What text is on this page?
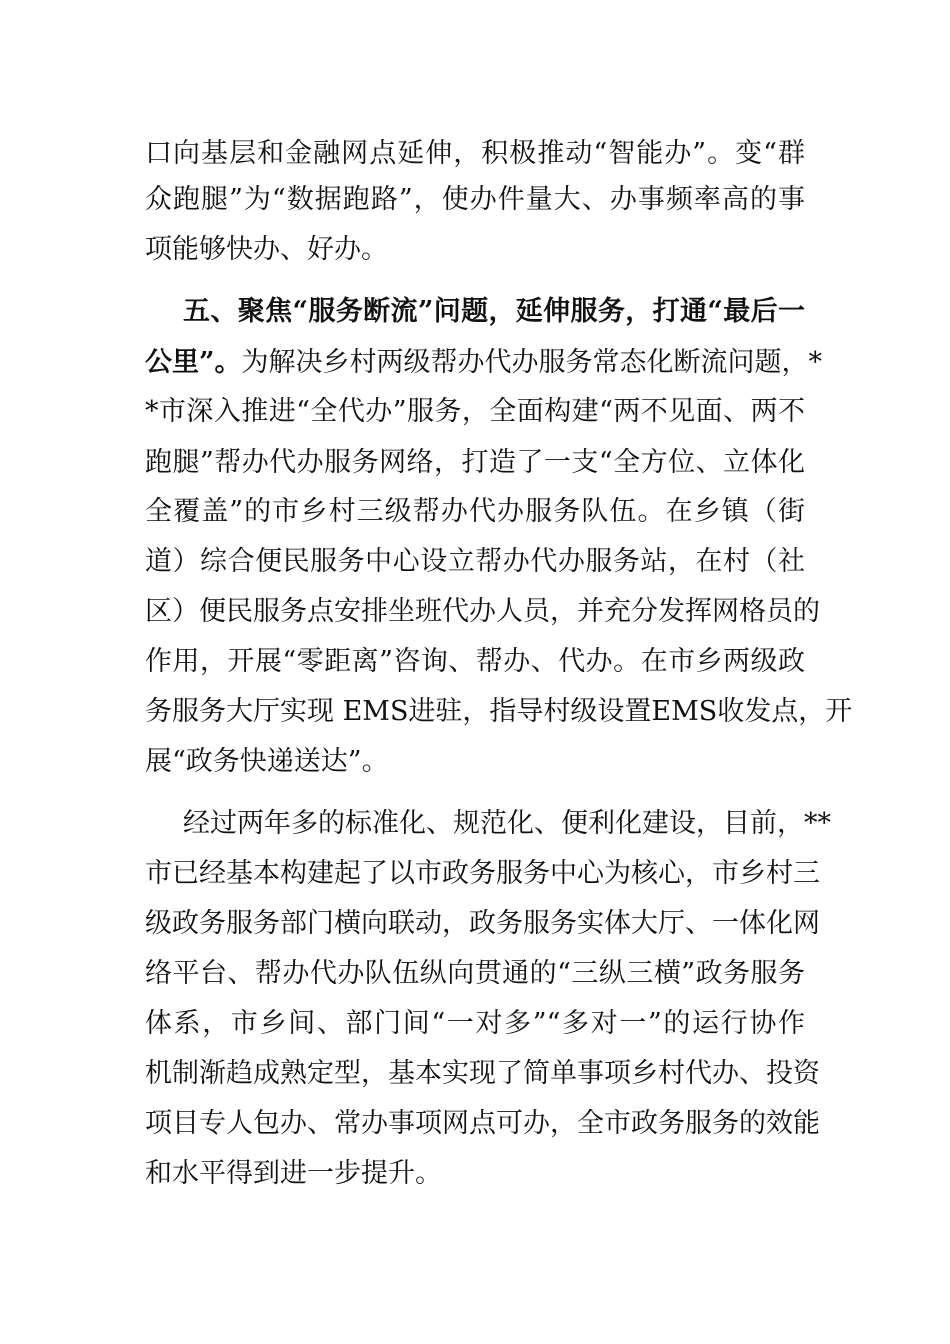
口向基层和金融网点延伸，积极推动“智能办”。变“群
众跑腿”为“数据跑路”，使办件量大、办事频率高的事
项能够快办、好办。
五、聚焦“服务断流”问题，延伸服务，打通“最后一
公里”。为解决乡村两级帮办代办服务常态化断流问题，*
*市深入推进“全代办”服务，全面构建“两不见面、两不
跑腿”帮办代办服务网络，打造了一支“全方位、立体化
全覆盖”的市乡村三级帮办代办服务队伍。在乡镇（街
道）综合便民服务中心设立帮办代办服务站，在村（社
区）便民服务点安排坐班代办人员，并充分发挥网格员的
作用，开展“零距离”咨询、帮办、代办。在市乡两级政
务服务大厅实现 EMS进驻，指导村级设置EMS收发点，开
展“政务快递送达”。
经过两年多的标准化、规范化、便利化建设，目前，**
市已经基本构建起了以市政务服务中心为核心，市乡村三
级政务服务部门横向联动，政务服务实体大厅、一体化网
络平台、帮办代办队伍纵向贯通的“三纵三横”政务服务
体系，市乡间、部门间“一对多”“多对一”的运行协作
机制渐趋成熟定型，基本实现了简单事项乡村代办、投资
项目专人包办、常办事项网点可办，全市政务服务的效能
和水平得到进一步提升。
